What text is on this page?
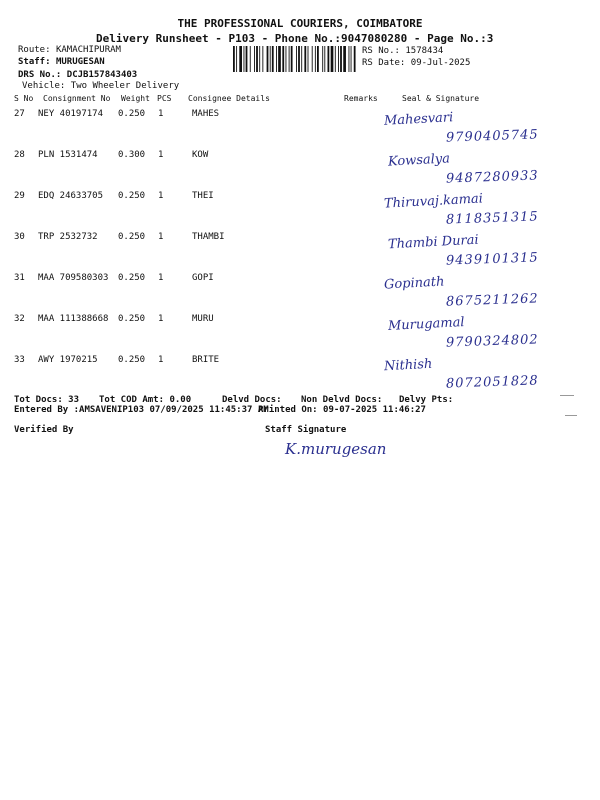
THE PROFESSIONAL COURIERS, COIMBATORE
Delivery Runsheet - P103 - Phone No.:9047080280 - Page No.:3
Route: KAMACHIPURAM
Staff: MURUGESAN
DRS No.: DCJB157843403
Vehicle: Two Wheeler Delivery
RS No.: 1578434
RS Date: 09-Jul-2025
S No Consignment No Weight PCS Consignee Details	Remarks	Seal & Signature
27 NEY 40197174 0.250 1	MAHES	Mahesvari
9790405745
28 PLN 1531474 0.300 1	KOW	Kowsalya
9487280933
29 EDQ 24633705 0.250 1	THEI	Thiruvaj.kamai
8118351315
30 TRP 2532732 0.250 1	THAMBI	Thambi Durai
9439101315
31 MAA 709580303 0.250 1	GOPI	Gopinath
8675211262
32 MAA 111388668 0.250 1	MURU	Murugamal
9790324802
33 AWY 1970215 0.250 1	BRITE	Nithish
8072051828
Tot Docs: 33 Tot COD Amt: 0.00	Delvd Docs: Non Delvd Docs: Delvy Pts:
Entered By :AMSAVENIP103 07/09/2025 11:45:37 AM
Printed On: 09-07-2025 11:46:27
Verified By	Staff Signature
K.murugesan
